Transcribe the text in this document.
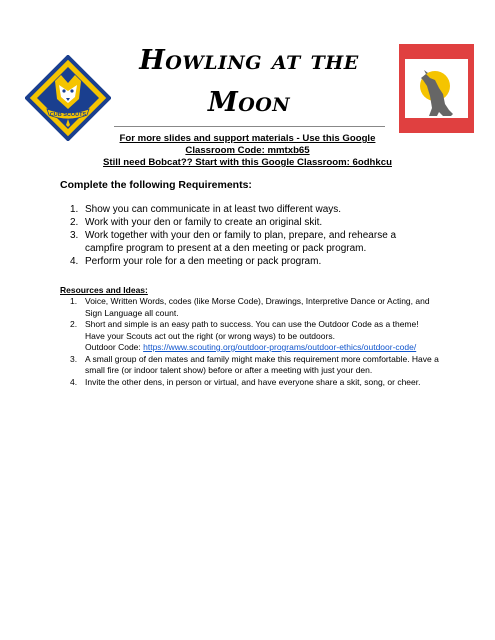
CUB SCOUTS
Howling at the
Moon
For more slides and support materials - Use this Google
Classroom Code: mmtxb65
Still need Bobcat?? Start with this Google Classroom: 6odhkcu
Complete the following Requirements:
1. Show you can communicate in at least two different ways.
2. Work with your den or family to create an original skit.
3. Work together with your den or family to plan, prepare, and rehearse a campfire program to present at a den meeting or pack program.
4. Perform your role for a den meeting or pack program.
Resources and Ideas:
1. Voice, Written Words, codes (like Morse Code), Drawings, Interpretive Dance or Acting, and Sign Language all count.
2. Short and simple is an easy path to success. You can use the Outdoor Code as a theme! Have your Scouts act out the right (or wrong ways) to be outdoors.
Outdoor Code: https://www.scouting.org/outdoor-programs/outdoor-ethics/outdoor-code/
3. A small group of den mates and family might make this requirement more comfortable. Have a small fire (or indoor talent show) before or after a meeting with just your den.
4. Invite the other dens, in person or virtual, and have everyone share a skit, song, or cheer.
